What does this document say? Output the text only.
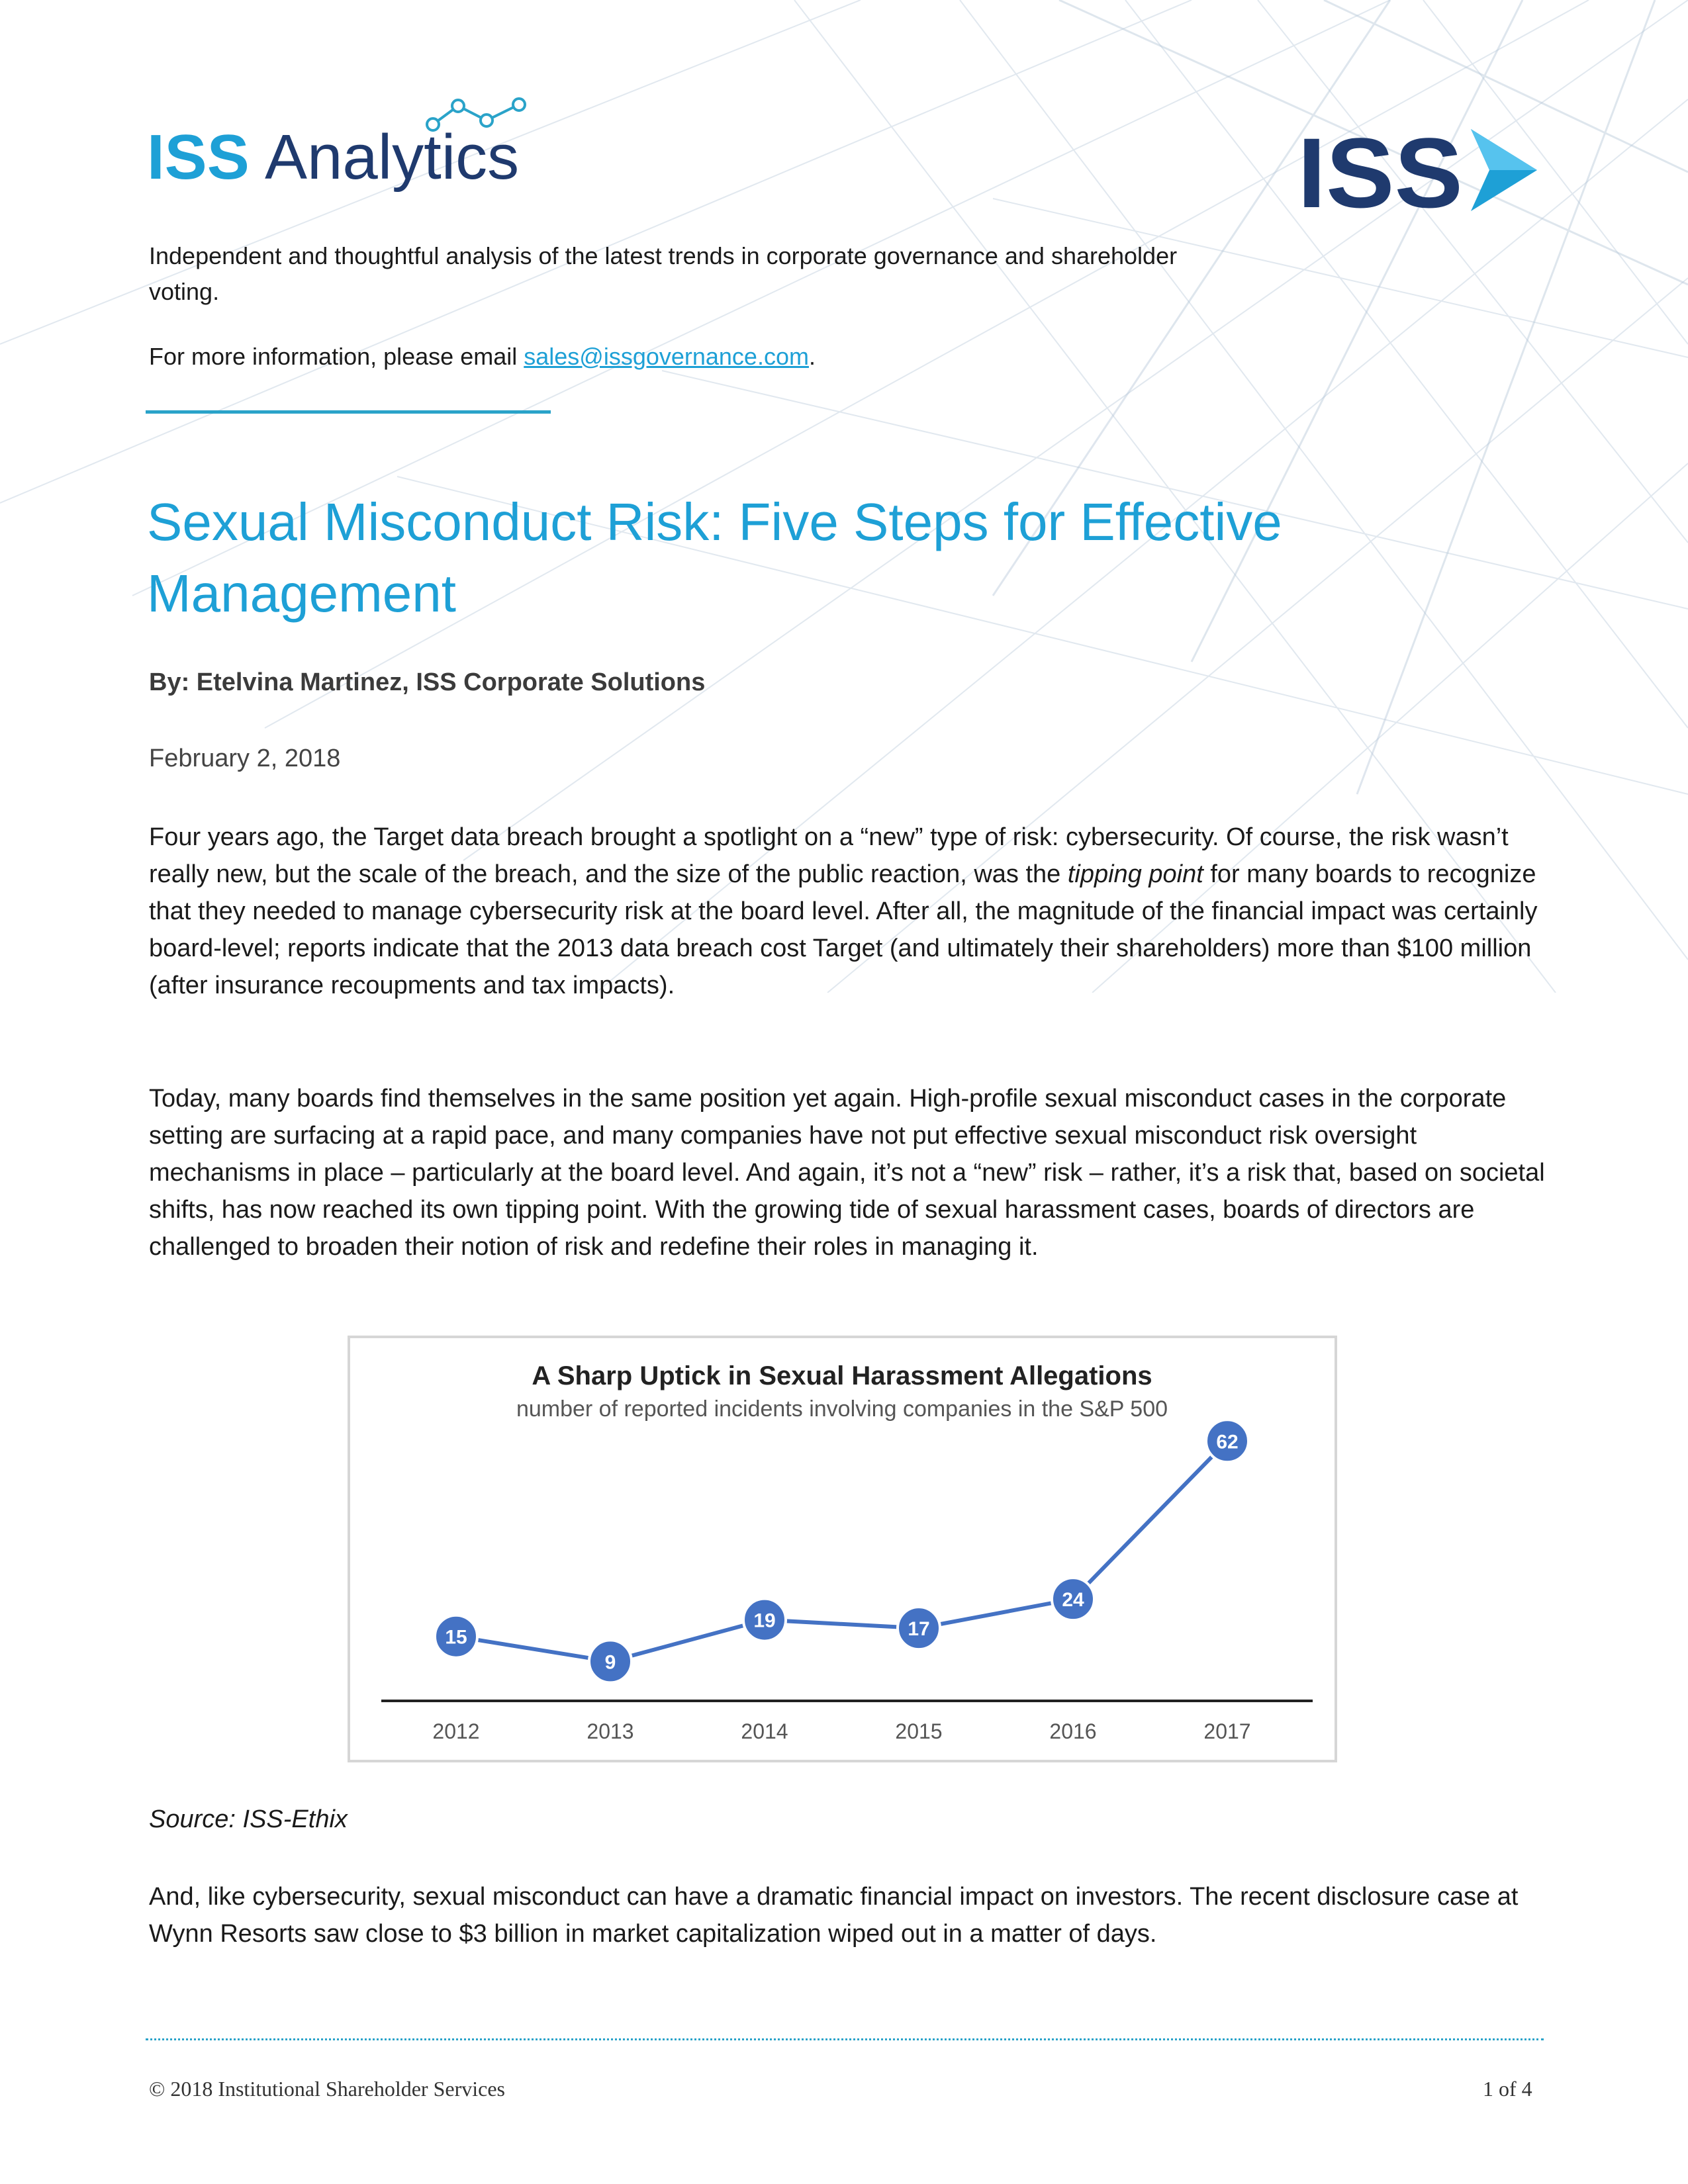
ISS Analytics	ISS

Independent and thoughtful analysis of the latest trends in corporate governance and shareholder voting.

For more information, please email sales@issgovernance.com.
Sexual Misconduct Risk: Five Steps for Effective Management
By: Etelvina Martinez, ISS Corporate Solutions
February 2, 2018

Four years ago, the Target data breach brought a spotlight on a “new” type of risk: cybersecurity. Of course, the risk wasn’t really new, but the scale of the breach, and the size of the public reaction, was the tipping point for many boards to recognize that they needed to manage cybersecurity risk at the board level. After all, the magnitude of the financial impact was certainly board-level; reports indicate that the 2013 data breach cost Target (and ultimately their shareholders) more than $100 million (after insurance recoupments and tax impacts).

Today, many boards find themselves in the same position yet again. High-profile sexual misconduct cases in the corporate setting are surfacing at a rapid pace, and many companies have not put effective sexual misconduct risk oversight mechanisms in place – particularly at the board level. And again, it’s not a “new” risk – rather, it’s a risk that, based on societal shifts, has now reached its own tipping point. With the growing tide of sexual harassment cases, boards of directors are challenged to broaden their notion of risk and redefine their roles in managing it.

A Sharp Uptick in Sexual Harassment Allegations
number of reported incidents involving companies in the S&P 500
15
2012
9
2013
19
2014
17
2015
24
2016
62
2017
Source: ISS-Ethix

And, like cybersecurity, sexual misconduct can have a dramatic financial impact on investors. The recent disclosure case at Wynn Resorts saw close to $3 billion in market capitalization wiped out in a matter of days.

© 2018 Institutional Shareholder Services	1 of 4
